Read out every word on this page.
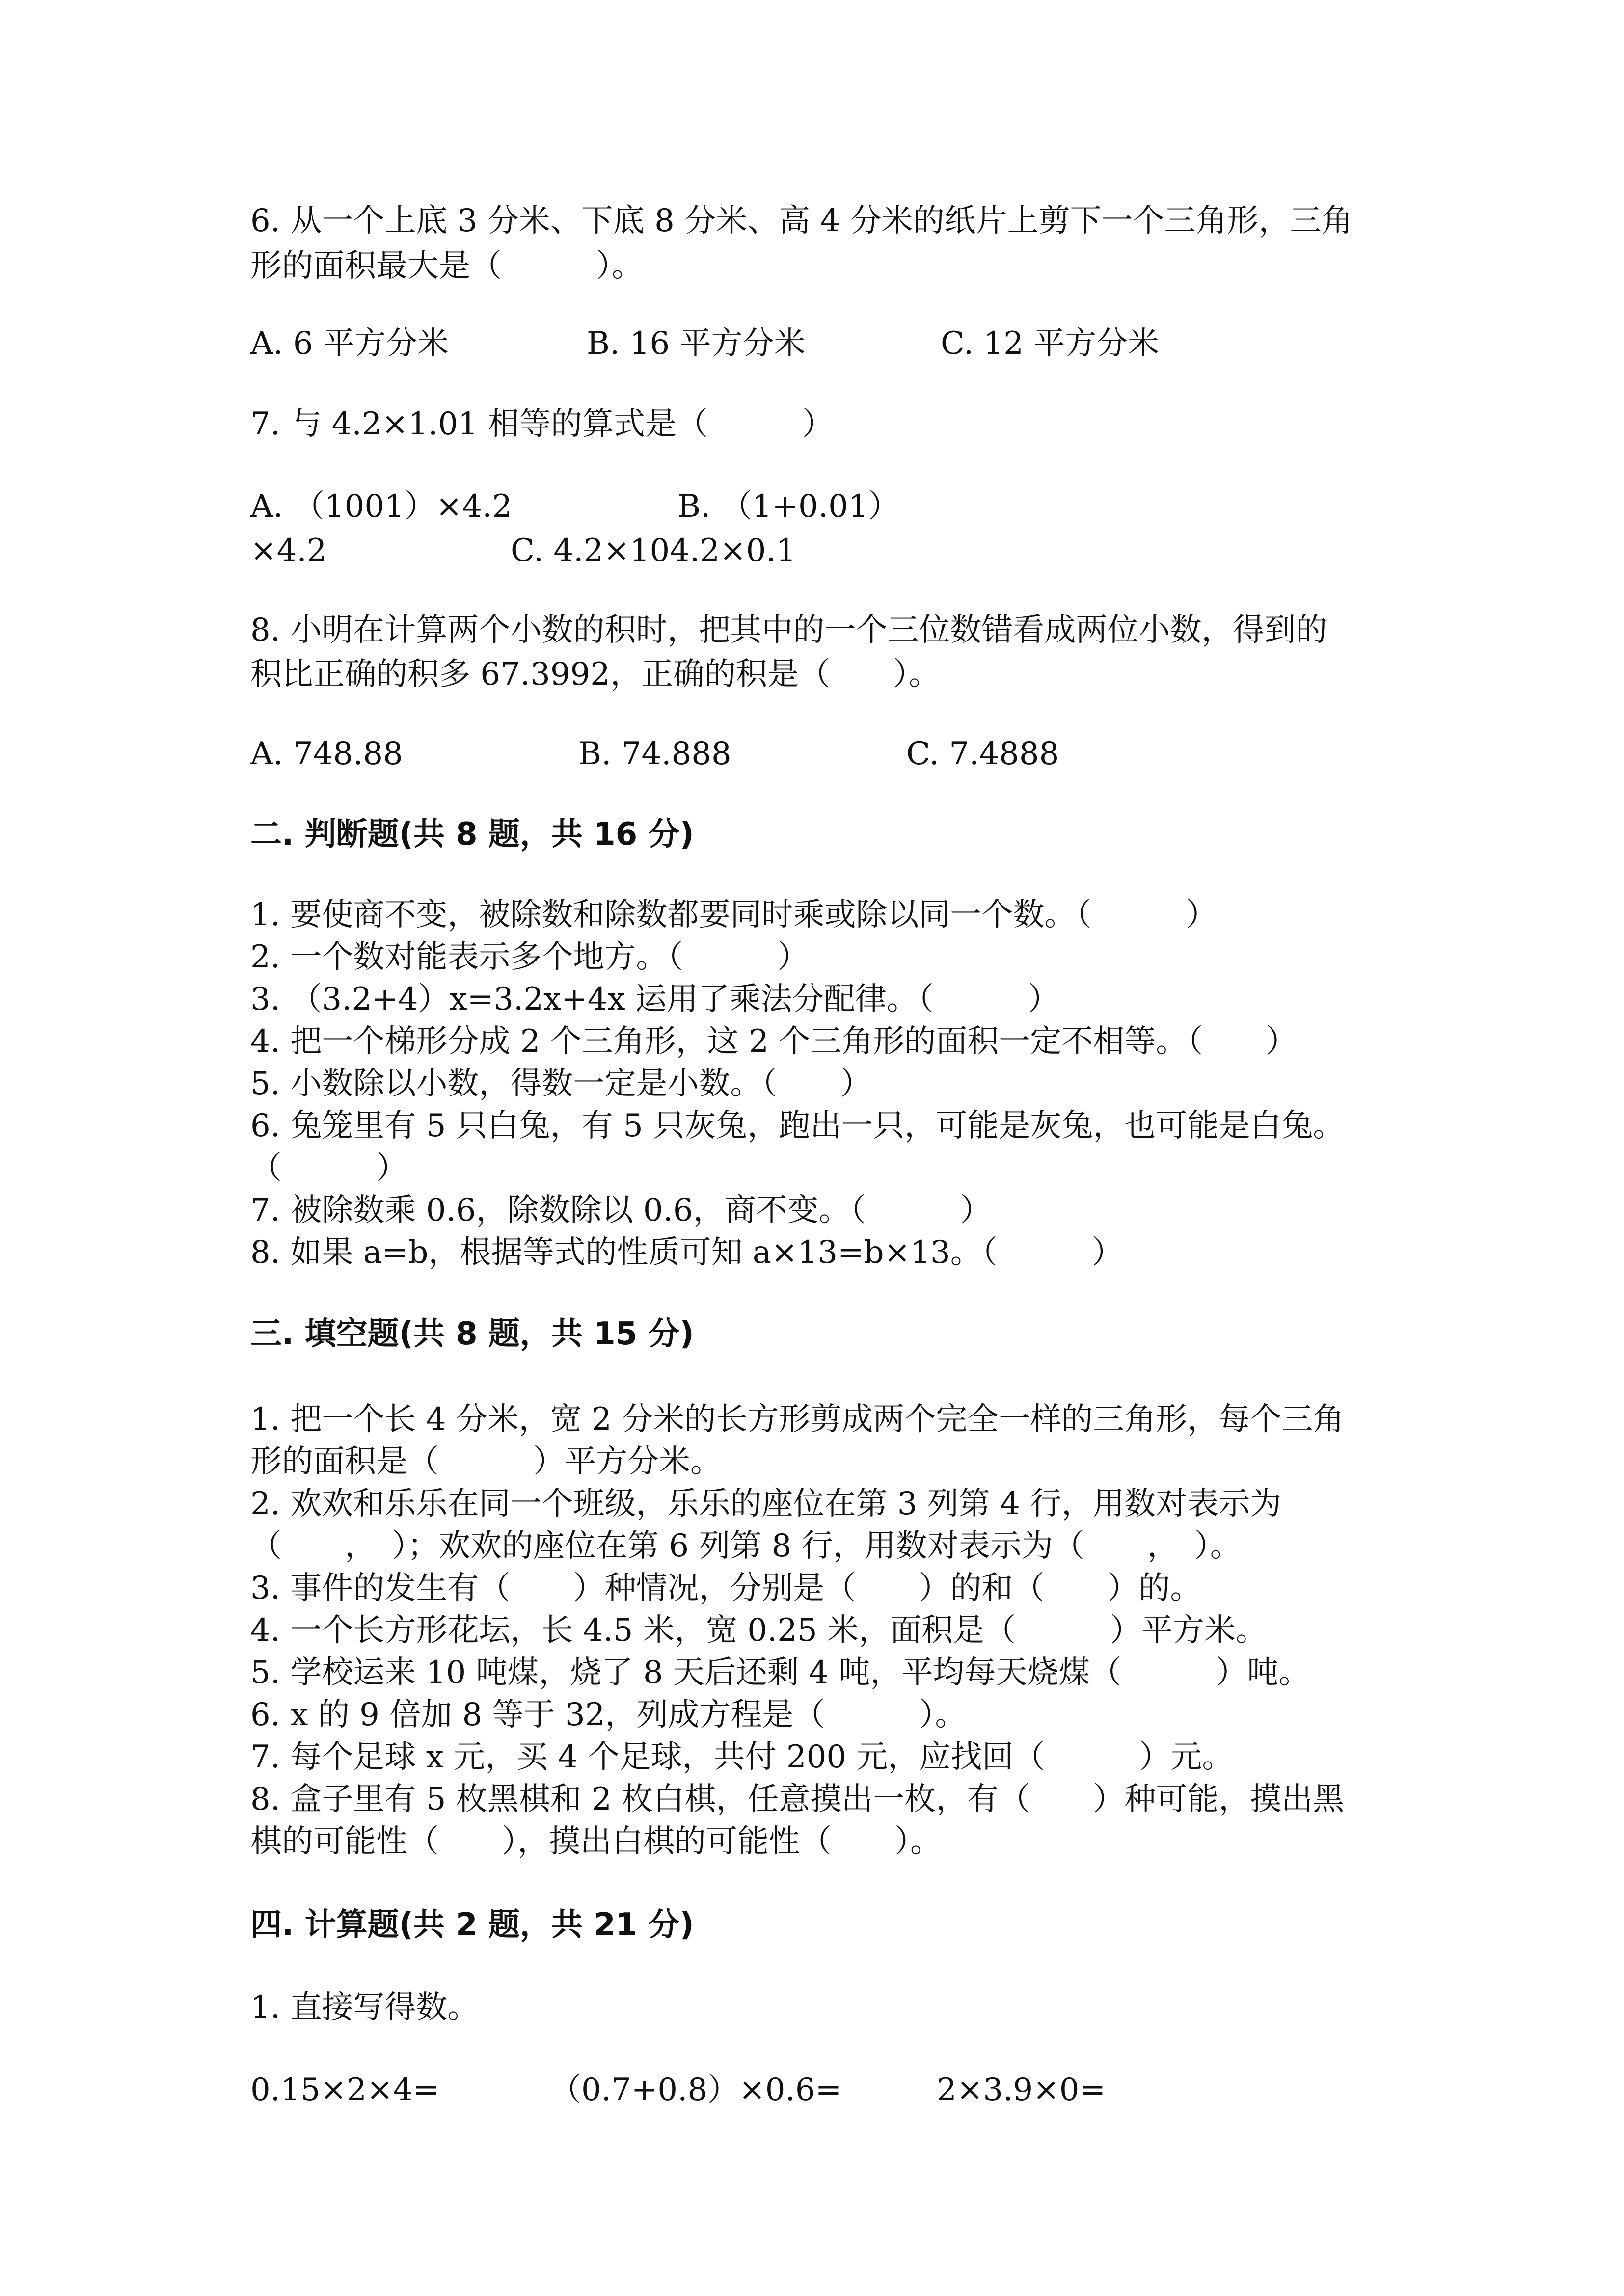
6. 从一个上底 3 分米、下底 8 分米、高 4 分米的纸片上剪下一个三角形，三角
形的面积最大是（　　　）。
A. 6 平方分米	B. 16 平方分米	C. 12 平方分米
7. 与 4.2×1.01 相等的算式是（　　　）
A. （1001）×4.2	B. （1+0.01）
×4.2	C. 4.2×104.2×0.1
8. 小明在计算两个小数的积时，把其中的一个三位数错看成两位小数，得到的
积比正确的积多 67.3992，正确的积是（　　）。
A. 748.88	B. 74.888	C. 7.4888
二. 判断题(共 8 题，共 16 分)
1. 要使商不变，被除数和除数都要同时乘或除以同一个数。（　　　）
2. 一个数对能表示多个地方。（　　　）
3. （3.2+4）x=3.2x+4x 运用了乘法分配律。（　　　）
4. 把一个梯形分成 2 个三角形，这 2 个三角形的面积一定不相等。（　　）
5. 小数除以小数，得数一定是小数。（　　）
6. 兔笼里有 5 只白兔，有 5 只灰兔，跑出一只，可能是灰兔，也可能是白兔。
（　　　）
7. 被除数乘 0.6，除数除以 0.6，商不变。（　　　）
8. 如果 a=b，根据等式的性质可知 a×13=b×13。（　　　）
三. 填空题(共 8 题，共 15 分)
1. 把一个长 4 分米，宽 2 分米的长方形剪成两个完全一样的三角形，每个三角
形的面积是（　　　）平方分米。
2. 欢欢和乐乐在同一个班级，乐乐的座位在第 3 列第 4 行，用数对表示为
（　　，　）；欢欢的座位在第 6 列第 8 行，用数对表示为（　　，　）。
3. 事件的发生有（　　）种情况，分别是（　　）的和（　　）的。
4. 一个长方形花坛，长 4.5 米，宽 0.25 米，面积是（　　　）平方米。
5. 学校运来 10 吨煤，烧了 8 天后还剩 4 吨，平均每天烧煤（　　　）吨。
6. x 的 9 倍加 8 等于 32，列成方程是（　　　）。
7. 每个足球 x 元，买 4 个足球，共付 200 元，应找回（　　　）元。
8. 盒子里有 5 枚黑棋和 2 枚白棋，任意摸出一枚，有（　　）种可能，摸出黑
棋的可能性（　　），摸出白棋的可能性（　　）。
四. 计算题(共 2 题，共 21 分)
1. 直接写得数。
0.15×2×4=	（0.7+0.8）×0.6=	2×3.9×0=
